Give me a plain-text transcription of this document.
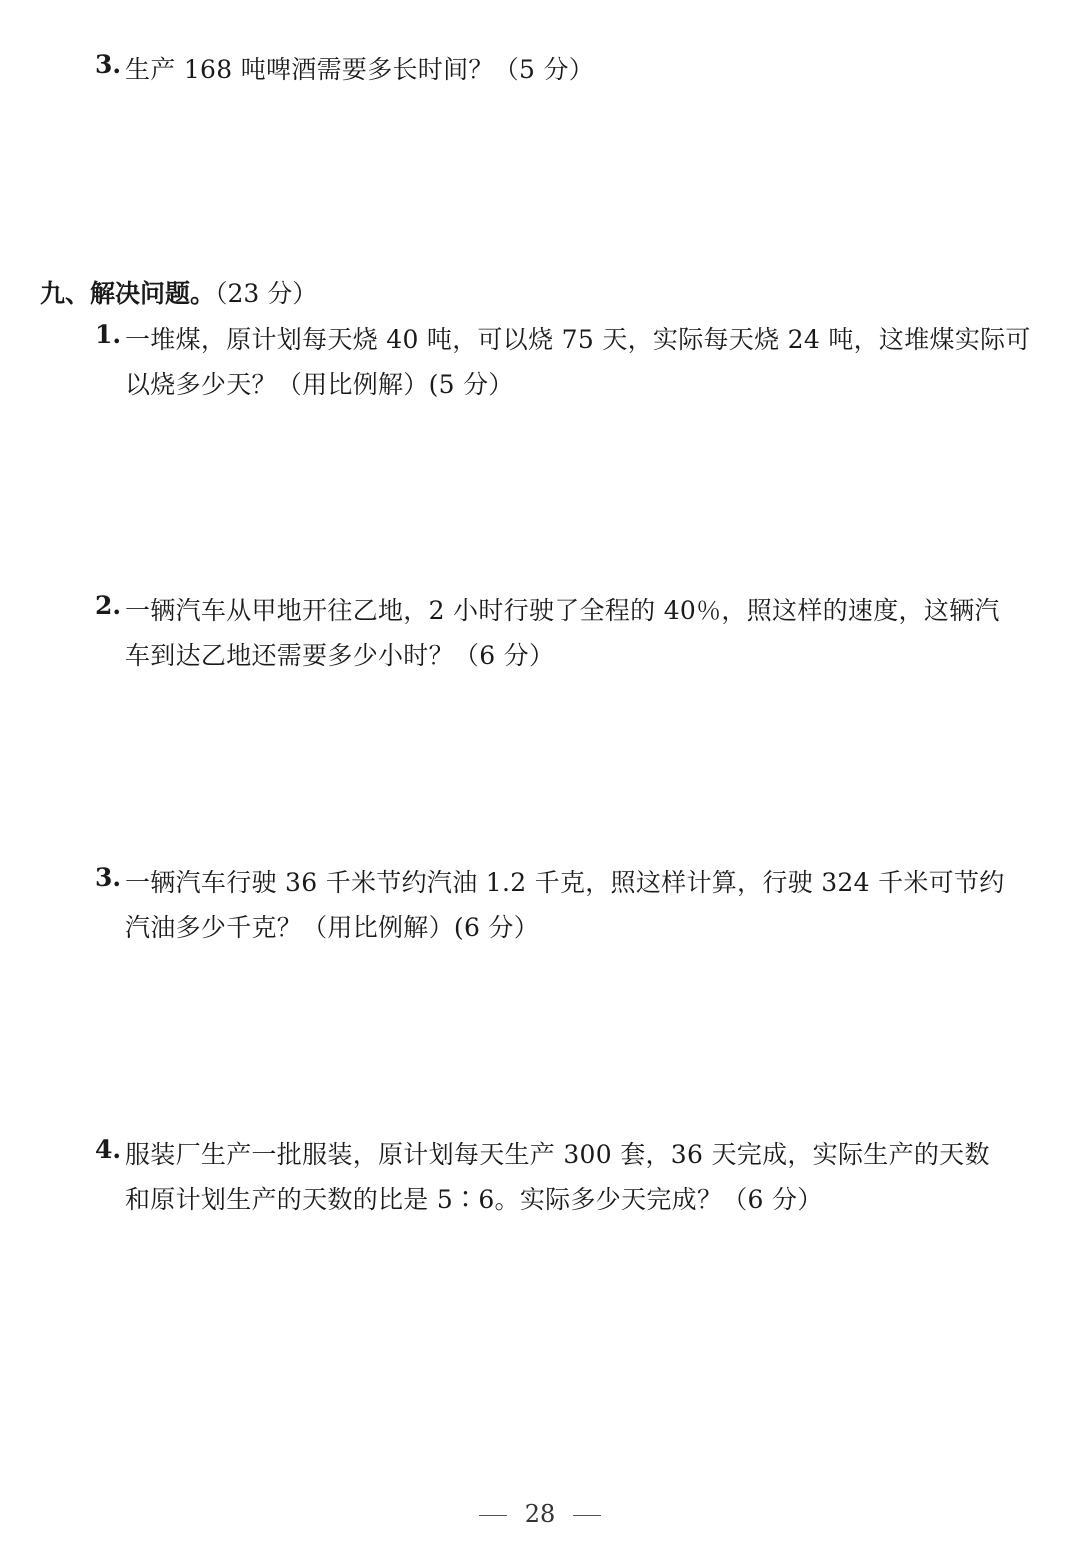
3. 生产 168 吨啤酒需要多长时间？（5 分）
九、解决问题。（23 分）
1. 一堆煤，原计划每天烧 40 吨，可以烧 75 天，实际每天烧 24 吨，这堆煤实际可
以烧多少天？（用比例解）(5 分）
2. 一辆汽车从甲地开往乙地，2 小时行驶了全程的 40％，照这样的速度，这辆汽
车到达乙地还需要多少小时？（6 分）
3. 一辆汽车行驶 36 千米节约汽油 1.2 千克，照这样计算，行驶 324 千米可节约
汽油多少千克？（用比例解）(6 分）
4. 服装厂生产一批服装，原计划每天生产 300 套，36 天完成，实际生产的天数
和原计划生产的天数的比是 5∶6。实际多少天完成？（6 分）
28
